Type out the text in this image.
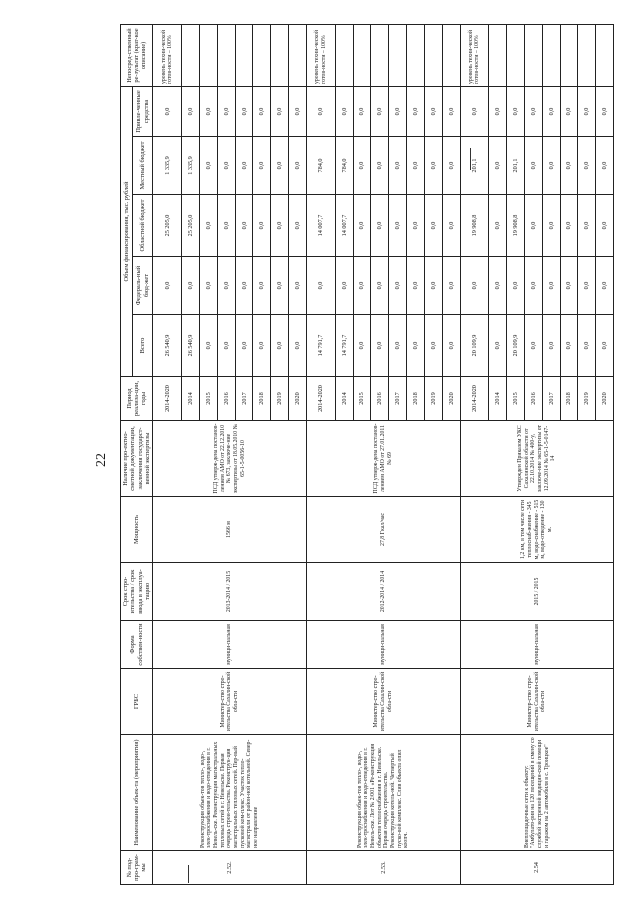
22
№ под-про-грам-мы	Наименование объек-та (мероприятия)	ГРБС	Форма собствен-ности	Срок стро-ительства / срок ввода в эксплуа-тацию	Мощность	Наличие про-ектно-сметной документации, заключения государст-венной экспертизы	Период реализа-ции, годы	Объем финансирования, тыс. рублей					Непосред-ственный ре-зультат (крат-кое описание)
								Всего	Федераль-ный бюд-жет	Областной бюджет	Местный бюджет	Привле-ченные средства	
2.52.	Реконструкция объек-тов тепло-, водо-, элек-троснабжения и водо-отведения в г. Невель-ске. Реконструкция магистральных тепловых сетей в г. Невельске. Первая очередь строи-тельства. Реконструк-ция магистральных тепловых сетей. Пер-вый пусковой ком-плекс. Участок тепло-магистрали от район-ной котельной. Север-ное направление	Министер-ство стро-ительства Сахалин-ской обла-сти	муници-пальная	2013-2014 / 2015	1566 м	ПСД утверж-дена постанов-лением АМО от 22.12.2010 № 673, заключе-ние экспертизы от 18.05.2010 № 65-1-5-0056-10	2014-2020	26 540,9	0,0	25 205,0	1 335,9	0,0	уровень техни-ческой готов-ности – 100%
							2014	26 540,9	0,0	25 205,0	1 335,9	0,0	
							2015	0,0	0,0	0,0	0,0	0,0	
							2016	0,0	0,0	0,0	0,0	0,0	
							2017	0,0	0,0	0,0	0,0	0,0	
							2018	0,0	0,0	0,0	0,0	0,0	
							2019	0,0	0,0	0,0	0,0	0,0	
							2020	0,0	0,0	0,0	0,0	0,0	
2.53.	Реконструкция объек-тов тепло-, водо-, элек-троснабжения и водо-отведения в г. Невель-ске. Лот № 2/001 «Ре-конструкция объектов теплоснабжения в г. Невельске. Первая очередь строительства. Реконструкция котель-ной. Четвертый пуско-вой комплекс. Слив объекта опил коопч.	Министер-ство стро-ительства Сахалин-ской обла-сти	муници-пальная	2012-2014 / 2014	27,8 Гкал/час	ПСД утверж-дена постанов-лением АМО от 27.01.2011 № 69	2014-2020	14 791,7	0,0	14 007,7	784,0	0,0	уровень техни-ческой готов-ности – 100%
							2014	14 791,7	0,0	14 007,7	784,0	0,0	
							2015	0,0	0,0	0,0	0,0	0,0	
							2016	0,0	0,0	0,0	0,0	0,0	
							2017	0,0	0,0	0,0	0,0	0,0	
							2018	0,0	0,0	0,0	0,0	0,0	
							2019	0,0	0,0	0,0	0,0	0,0	
							2020	0,0	0,0	0,0	0,0	0,0	
2.54	Внеплощадочные сети к объекту: "Амбулато-рия на 120 посещений в смену со службой экстренной медицин-ской помощи и гаражом на 2 автомобиля в с. Троицкое"	Министер-ство стро-ительства Сахалин-ской обла-сти	муници-пальная	2015 / 2015	1,2 км, в том числе сети теплоснаб-жения - 345 м, водо-снабжение - 515 м, водо-отведение - 130 м.	Утвержден Приказом УКС Сахалинской области от 22.10.2014 № 400-у, заключе-ние экспертизы от 12.09.2014 № 65-1-5-0147-14	2014-2020	20 109,9	0,0	19 908,8	201,1	0,0	уровень техни-ческой готов-ности – 100%
							2014	0,0	0,0	0,0	0,0	0,0	
							2015	20 109,9	0,0	19 908,8	201,1	0,0	
							2016	0,0	0,0	0,0	0,0	0,0	
							2017	0,0	0,0	0,0	0,0	0,0	
							2018	0,0	0,0	0,0	0,0	0,0	
							2019	0,0	0,0	0,0	0,0	0,0	
							2020	0,0	0,0	0,0	0,0	0,0	
